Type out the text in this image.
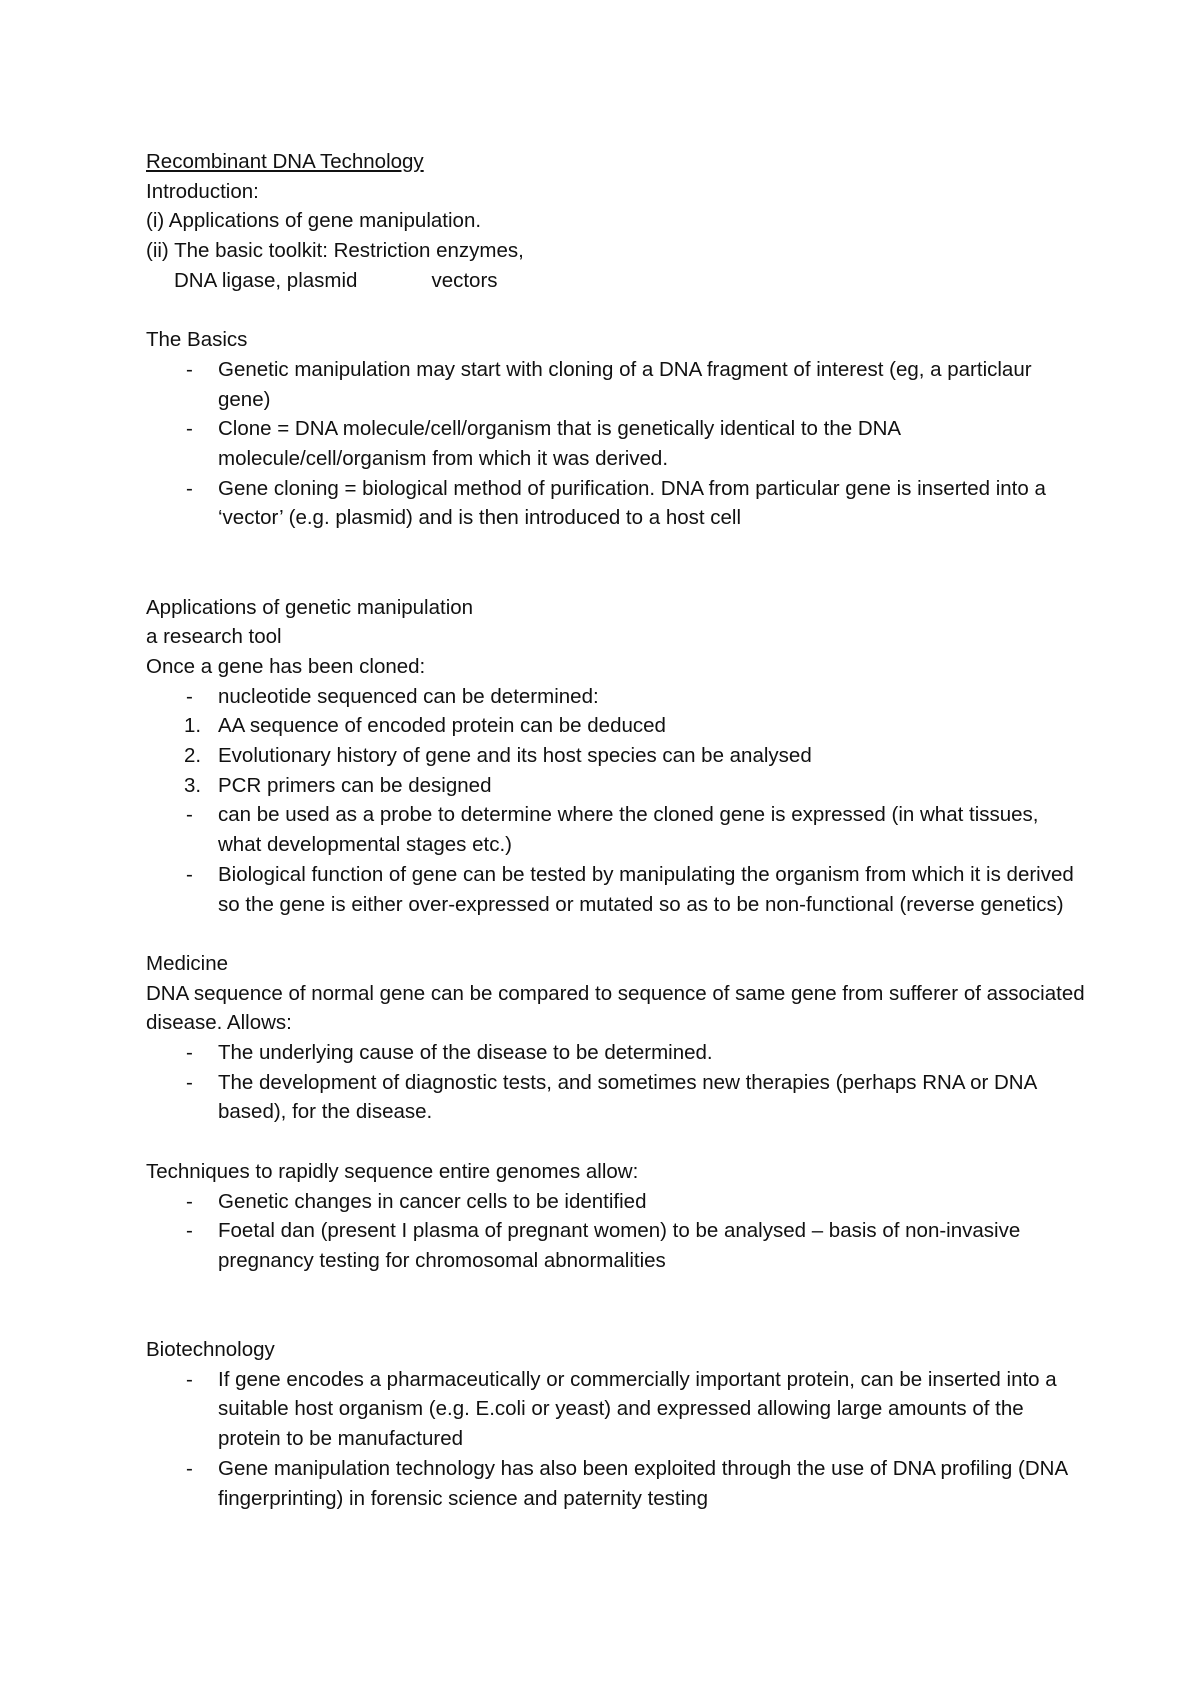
Recombinant DNA Technology
Introduction:
(i) Applications of gene manipulation.
(ii) The basic toolkit: Restriction enzymes,
DNA ligase, plasmid	vectors
The Basics
-	Genetic manipulation may start with cloning of a DNA fragment of interest (eg, a particlaur gene)
-	Clone = DNA molecule/cell/organism that is genetically identical to the DNA molecule/cell/organism from which it was derived.
-	Gene cloning = biological method of purification. DNA from particular gene is inserted into a ‘vector’ (e.g. plasmid) and is then introduced to a host cell
Applications of genetic manipulation
a research tool
Once a gene has been cloned:
-	nucleotide sequenced can be determined:
1. AA sequence of encoded protein can be deduced
2. Evolutionary history of gene and its host species can be analysed
3. PCR primers can be designed
-	can be used as a probe to determine where the cloned gene is expressed (in what tissues, what developmental stages etc.)
-	Biological function of gene can be tested by manipulating the organism from which it is derived so the gene is either over-expressed or mutated so as to be non-functional (reverse genetics)
Medicine
DNA sequence of normal gene can be compared to sequence of same gene from sufferer of associated disease. Allows:
-	The underlying cause of the disease to be determined.
-	The development of diagnostic tests, and sometimes new therapies (perhaps RNA or DNA based), for the disease.
Techniques to rapidly sequence entire genomes allow:
-	Genetic changes in cancer cells to be identified
-	Foetal dan (present I plasma of pregnant women) to be analysed – basis of non-invasive pregnancy testing for chromosomal abnormalities
Biotechnology
-	If gene encodes a pharmaceutically or commercially important protein, can be inserted into a suitable host organism (e.g. E.coli or yeast) and expressed allowing large amounts of the protein to be manufactured
-	Gene manipulation technology has also been exploited through the use of DNA profiling (DNA fingerprinting) in forensic science and paternity testing
